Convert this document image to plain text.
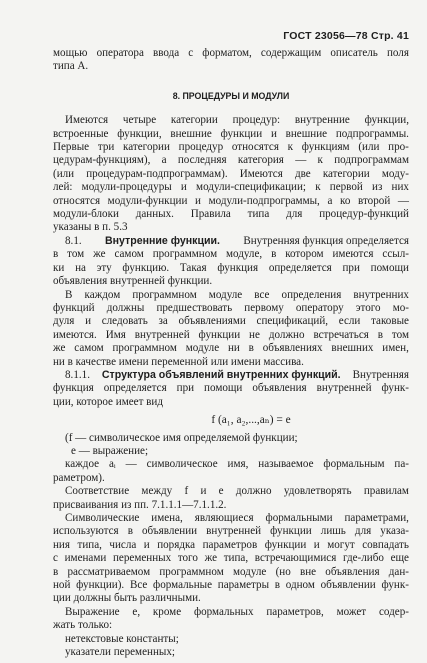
ГОСТ 23056—78 Стр. 41
мощью оператора ввода с форматом, содержащим описатель поля
типа А.
8. ПРОЦЕДУРЫ И МОДУЛИ
Имеются четыре категории процедур: внутренние функции,
встроенные функции, внешние функции и внешние подпрограммы.
Первые три категории процедур относятся к функциям (или про-
цедурам-функциям), а последняя категория — к подпрограммам
(или процедурам-подпрограммам). Имеются две категории моду-
лей: модули-процедуры и модули-спецификации; к первой из них
относятся модули-функции и модули-подпрограммы, а ко второй —
модули-блоки данных. Правила типа для процедур-функций
указаны в п. 5.3
8.1. Внутренние функции. Внутренняя функция определяется
в том же самом программном модуле, в котором имеются ссыл-
ки на эту функцию. Такая функция определяется при помощи
объявления внутренней функции.
В каждом программном модуле все определения внутренних
функций должны предшествовать первому оператору этого мо-
дуля и следовать за объявлениями спецификаций, если таковые
имеются. Имя внутренней функции не должно встречаться в том
же самом программном модуле ни в объявлениях внешних имен,
ни в качестве имени переменной или имени массива.
8.1.1. Структура объявлений внутренних функций. Внутренняя
функция определяется при помощи объявления внутренней функ-
ции, которое имеет вид
f (a₁, a₂,...,aₙ) = e
(f — символическое имя определяемой функции;
e — выражение;
каждое aᵢ — символическое имя, называемое формальным па-
раметром).
Соответствие между f и e должно удовлетворять правилам
присваивания из пп. 7.1.1.1—7.1.1.2.
Символические имена, являющиеся формальными параметрами,
используются в объявлении внутренней функции лишь для указа-
ния типа, числа и порядка параметров функции и могут совпадать
с именами переменных того же типа, встречающимися где-либо еще
в рассматриваемом программном модуле (но вне объявления дан-
ной функции). Все формальные параметры в одном объявлении функ-
ции должны быть различными.
Выражение e, кроме формальных параметров, может содер-
жать только:
нетекстовые константы;
указатели переменных;
